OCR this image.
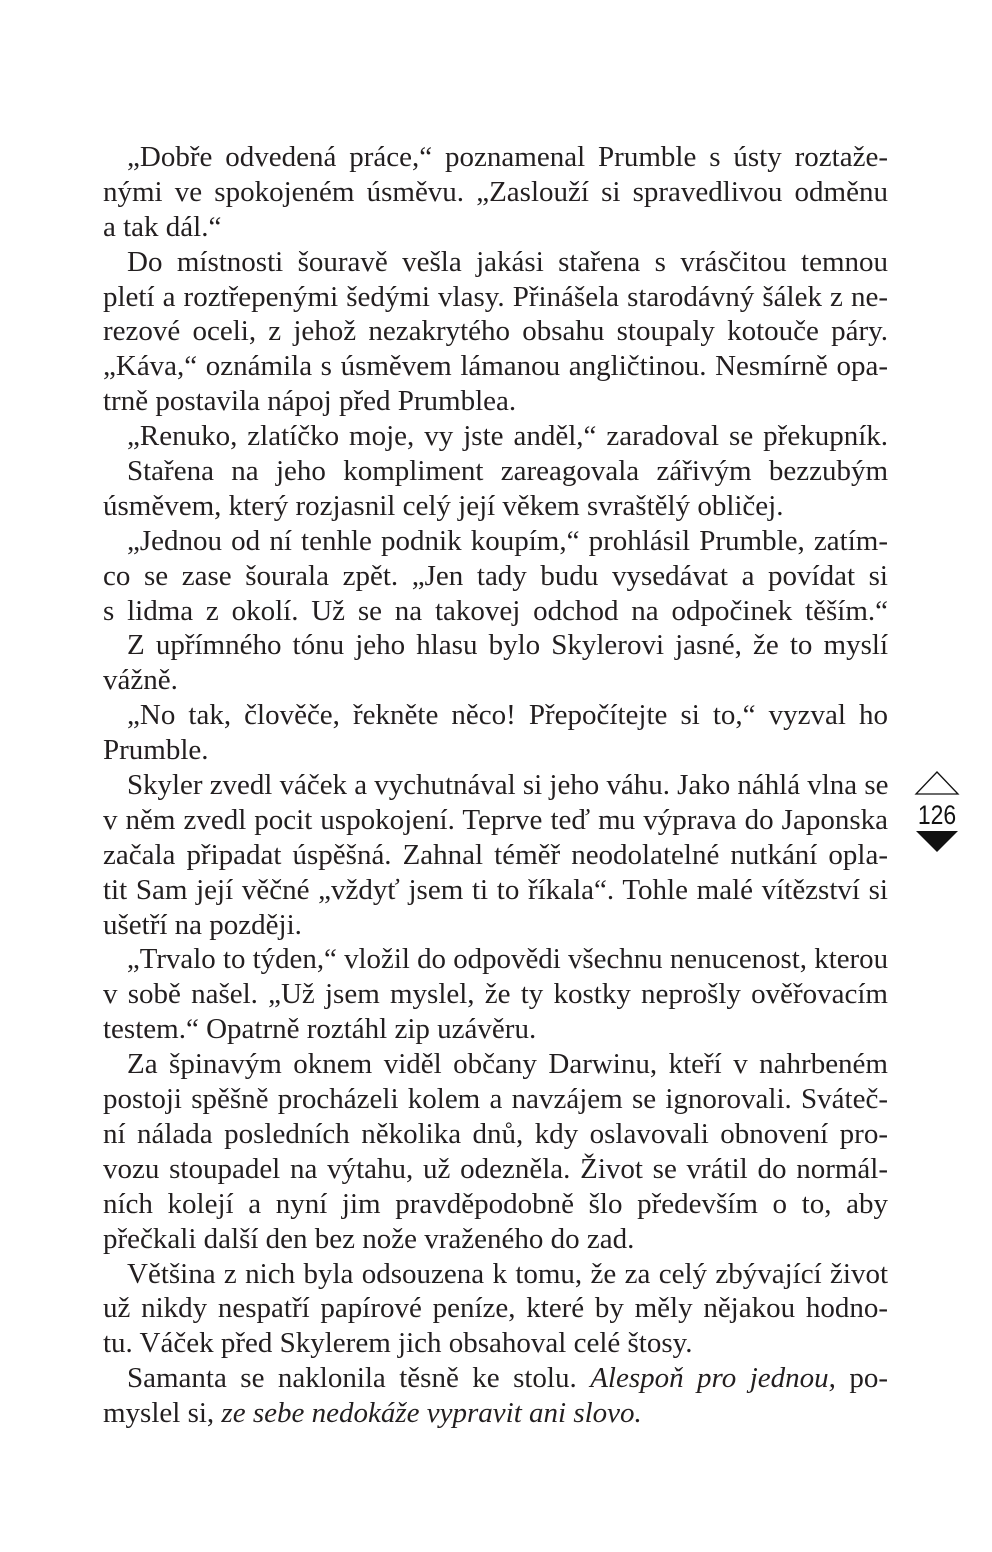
„Dobře odvedená práce,“ poznamenal Prumble s ústy roztaže-
nými ve spokojeném úsměvu. „Zaslouží si spravedlivou odměnu
a tak dál.“
Do místnosti šouravě vešla jakási stařena s vrásčitou temnou
pletí a roztřepenými šedými vlasy. Přinášela starodávný šálek z ne-
rezové oceli, z jehož nezakrytého obsahu stoupaly kotouče páry.
„Káva,“ oznámila s úsměvem lámanou angličtinou. Nesmírně opa-
trně postavila nápoj před Prumblea.
„Renuko, zlatíčko moje, vy jste anděl,“ zaradoval se překupník.
Stařena na jeho kompliment zareagovala zářivým bezzubým
úsměvem, který rozjasnil celý její věkem svraštělý obličej.
„Jednou od ní tenhle podnik koupím,“ prohlásil Prumble, zatím-
co se zase šourala zpět. „Jen tady budu vysedávat a povídat si
s lidma z okolí. Už se na takovej odchod na odpočinek těším.“
Z upřímného tónu jeho hlasu bylo Skylerovi jasné, že to myslí
vážně.
„No tak, člověče, řekněte něco! Přepočítejte si to,“ vyzval ho
Prumble.
Skyler zvedl váček a vychutnával si jeho váhu. Jako náhlá vlna se
v něm zvedl pocit uspokojení. Teprve teď mu výprava do Japonska
začala připadat úspěšná. Zahnal téměř neodolatelné nutkání opla-
tit Sam její věčné „vždyť jsem ti to říkala“. Tohle malé vítězství si
ušetří na později.
„Trvalo to týden,“ vložil do odpovědi všechnu nenucenost, kterou
v sobě našel. „Už jsem myslel, že ty kostky neprošly ověřovacím
testem.“ Opatrně roztáhl zip uzávěru.
Za špinavým oknem viděl občany Darwinu, kteří v nahrbeném
postoji spěšně procházeli kolem a navzájem se ignorovali. Sváteč-
ní nálada posledních několika dnů, kdy oslavovali obnovení pro-
vozu stoupadel na výtahu, už odezněla. Život se vrátil do normál-
ních kolejí a nyní jim pravděpodobně šlo především o to, aby
přečkali další den bez nože vraženého do zad.
Většina z nich byla odsouzena k tomu, že za celý zbývající život
už nikdy nespatří papírové peníze, které by měly nějakou hodno-
tu. Váček před Skylerem jich obsahoval celé štosy.
Samanta se naklonila těsně ke stolu. Alespoň pro jednou, po-
myslel si, ze sebe nedokáže vypravit ani slovo.
126
